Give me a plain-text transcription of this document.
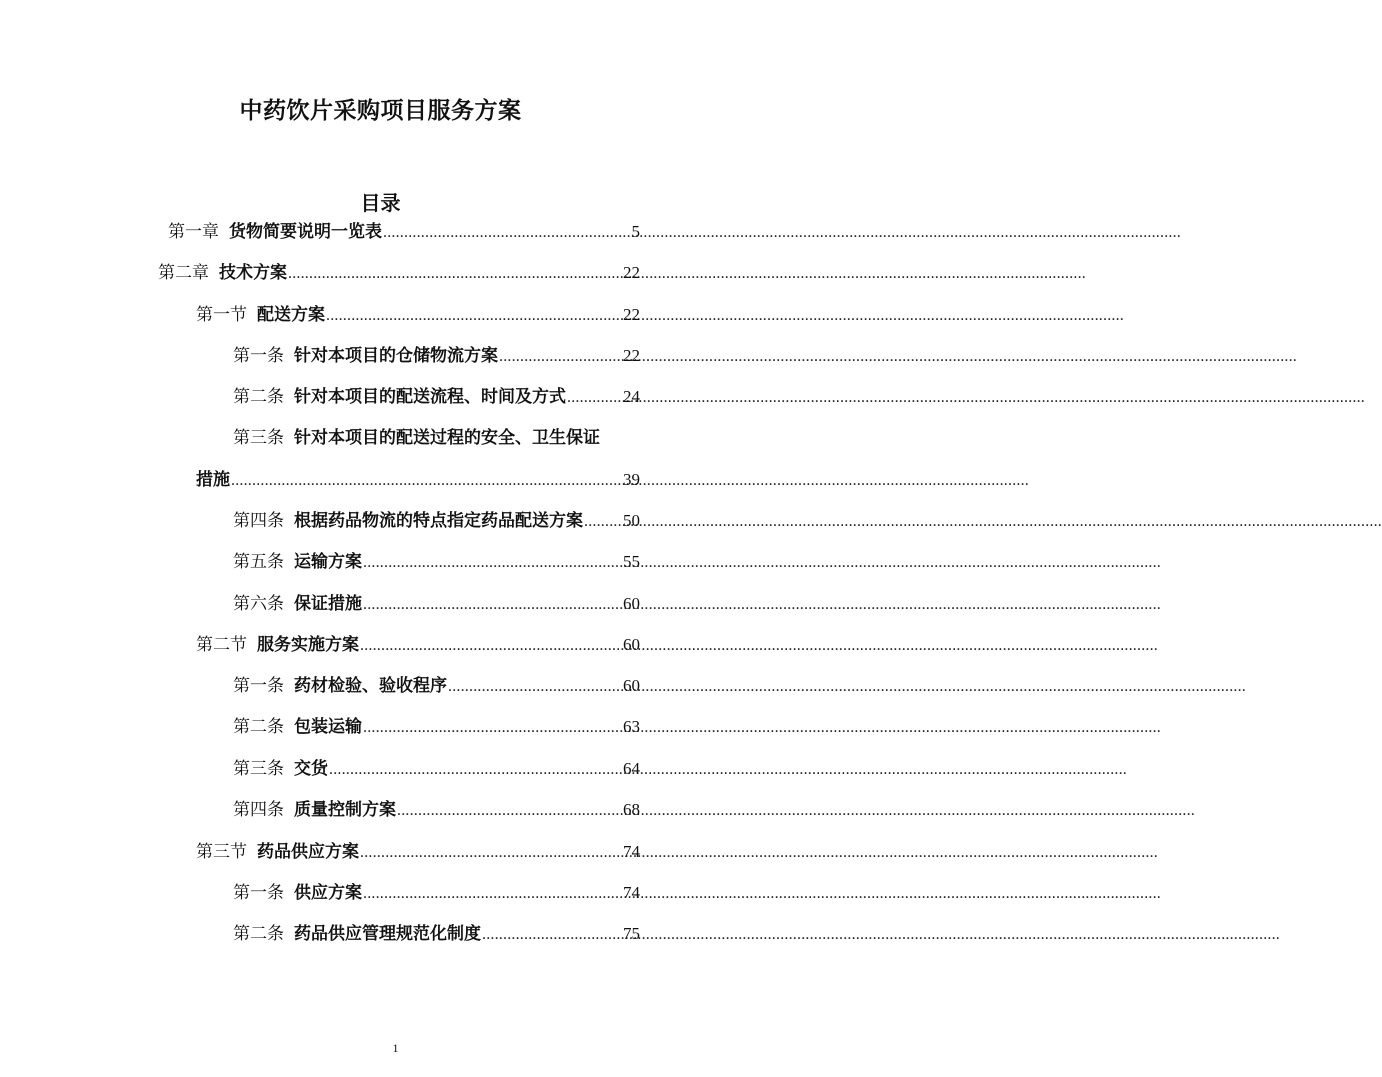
中药饮片采购项目服务方案
目录
第一章 货物简要说明一览表 .....	5
第二章 技术方案 .....	22
第一节 配送方案 .....	22
第一条 针对本项目的仓储物流方案 .....	22
第二条 针对本项目的配送流程、时间及方式 .....	24
第三条 针对本项目的配送过程的安全、卫生保证
措施 .....	39
第四条 根据药品物流的特点指定药品配送方案 ..... 50
第五条 运输方案 .....	55
第六条 保证措施 .....	60
第二节 服务实施方案 .....	60
第一条 药材检验、验收程序 .....	60
第二条 包装运输 .....	63
第三条 交货 .....	64
第四条 质量控制方案 .....	68
第三节 药品供应方案 .....	74
第一条 供应方案 .....	74
第二条 药品供应管理规范化制度 .....	75
1
